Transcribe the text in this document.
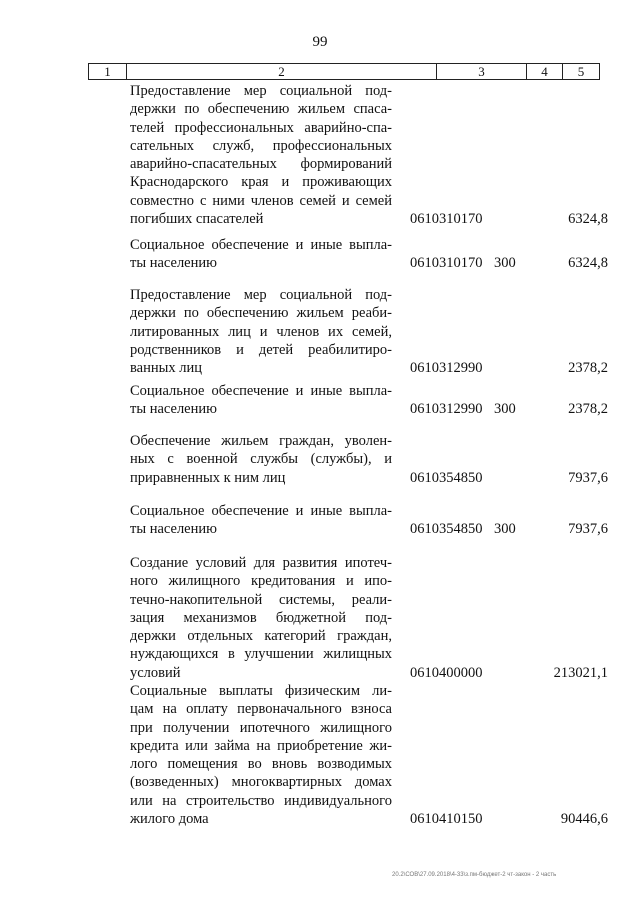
99
1	2	3	4	5
Предоставление мер социальной под-
держки по обеспечению жильем спаса-
телей профессиональных аварийно-спа-
сательных служб, профессиональных
аварийно-спасательных формирований
Краснодарского края и проживающих
совместно с ними членов семей и семей
погибших спасателей	0610310170	6324,8
Социальное обеспечение и иные выпла-
ты населению	0610310170 300	6324,8
Предоставление мер социальной под-
держки по обеспечению жильем реаби-
литированных лиц и членов их семей,
родственников и детей реабилитиро-
ванных лиц	0610312990	2378,2
Социальное обеспечение и иные выпла-
ты населению	0610312990 300	2378,2
Обеспечение жильем граждан, уволен-
ных с военной службы (службы), и
приравненных к ним лиц	0610354850	7937,6
Социальное обеспечение и иные выпла-
ты населению	0610354850 300	7937,6
Создание условий для развития ипотеч-
ного жилищного кредитования и ипо-
течно-накопительной системы, реали-
зация механизмов бюджетной под-
держки отдельных категорий граждан,
нуждающихся в улучшении жилищных
условий	0610400000	213021,1
Социальные выплаты физическим ли-
цам на оплату первоначального взноса
при получении ипотечного жилищного
кредита или займа на приобретение жи-
лого помещения во вновь возводимых
(возведенных) многоквартирных домах
или на строительство индивидуального
жилого дома	0610410150	90446,6
20.2\СОВ\27.09.2018\4-33\з.пм-бюджет-2 чт-закон - 2 часть
